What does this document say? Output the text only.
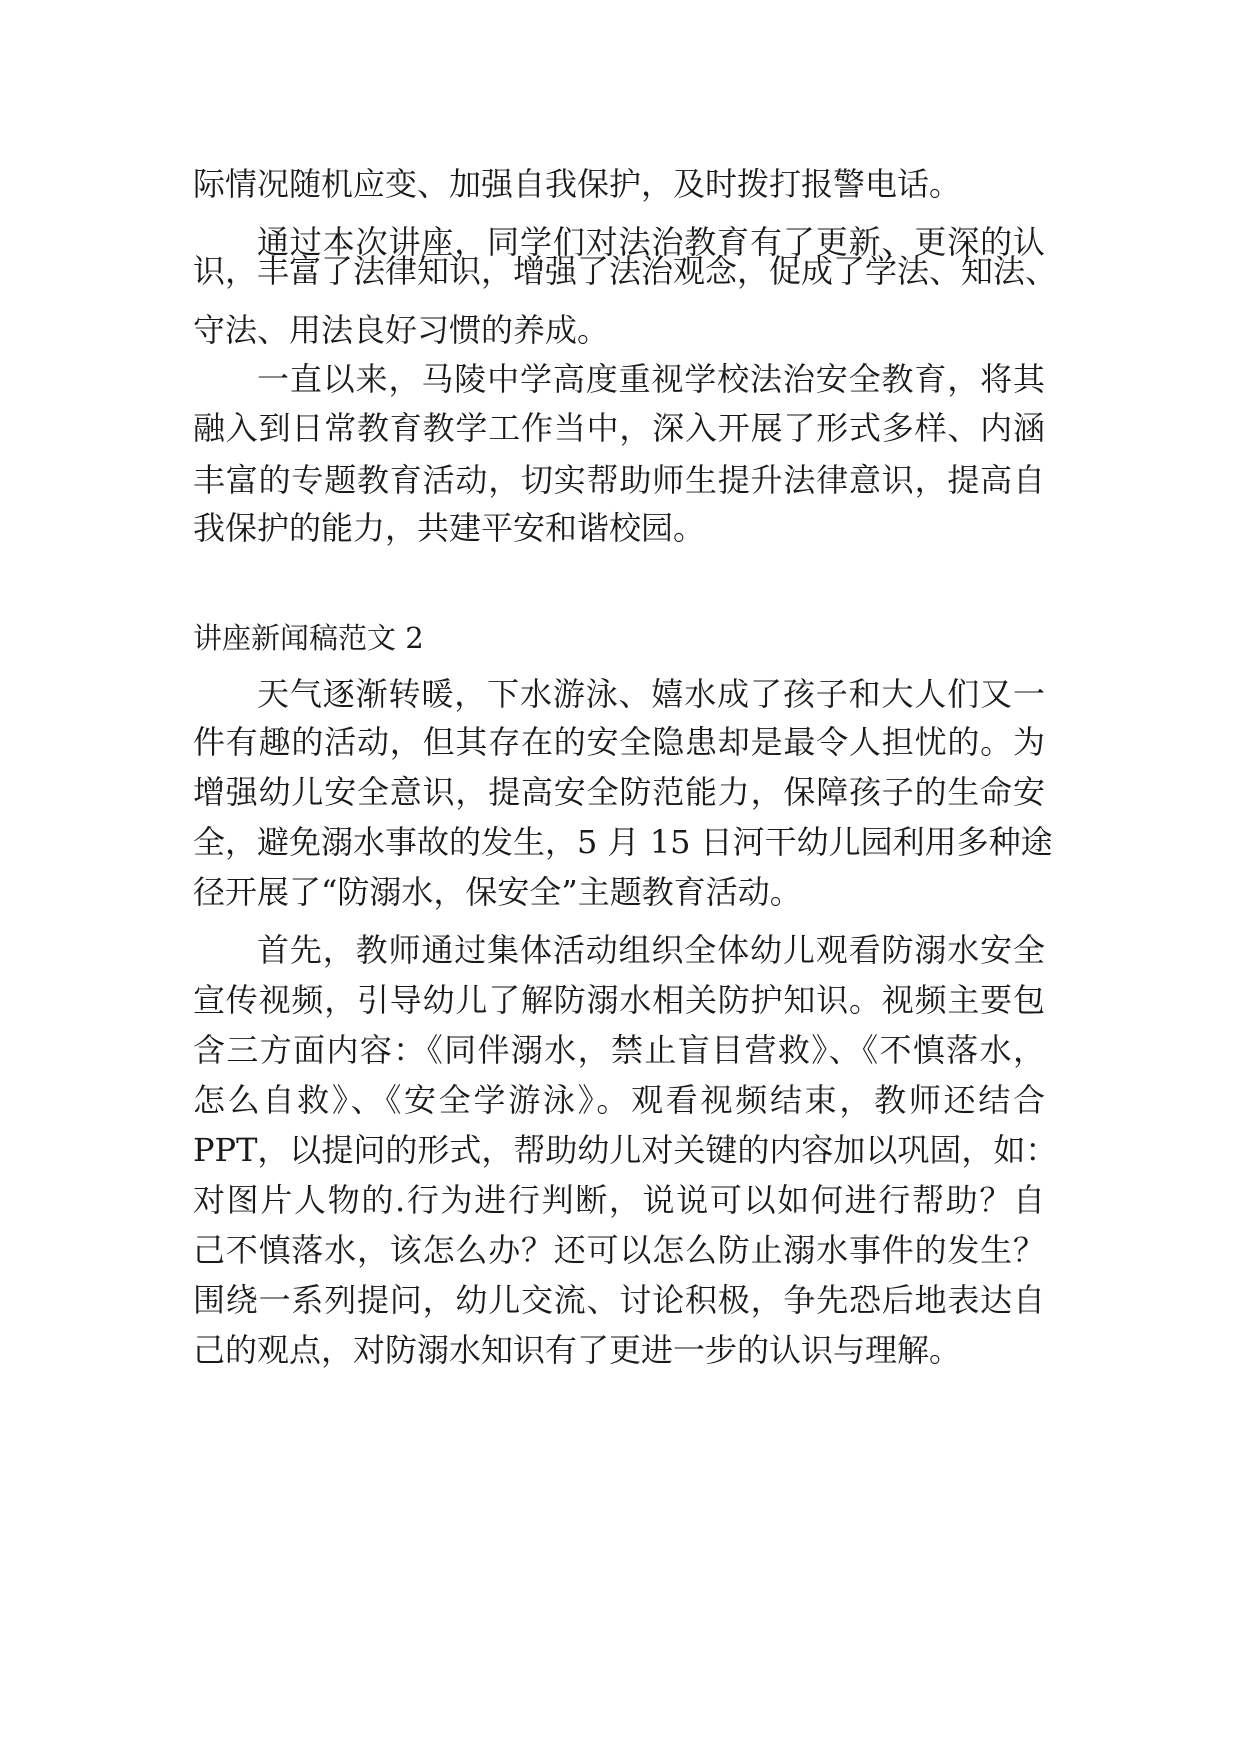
际情况随机应变、加强自我保护，及时拨打报警电话。
通过本次讲座，同学们对法治教育有了更新、更深的认
识，丰富了法律知识，增强了法治观念，促成了学法、知法、
守法、用法良好习惯的养成。
一直以来，马陵中学高度重视学校法治安全教育，将其
融入到日常教育教学工作当中，深入开展了形式多样、内涵
丰富的专题教育活动，切实帮助师生提升法律意识，提高自
我保护的能力，共建平安和谐校园。
讲座新闻稿范文 2
天气逐渐转暖，下水游泳、嬉水成了孩子和大人们又一
件有趣的活动，但其存在的安全隐患却是最令人担忧的。为
增强幼儿安全意识，提高安全防范能力，保障孩子的生命安
全，避免溺水事故的发生，5 月 15 日河干幼儿园利用多种途
径开展了“防溺水，保安全”主题教育活动。
首先，教师通过集体活动组织全体幼儿观看防溺水安全
宣传视频，引导幼儿了解防溺水相关防护知识。视频主要包
含三方面内容：《同伴溺水，禁止盲目营救》、《不慎落水，
怎么自救》、《安全学游泳》。观看视频结束，教师还结合
PPT，以提问的形式，帮助幼儿对关键的内容加以巩固，如：
对图片人物的.行为进行判断，说说可以如何进行帮助？自
己不慎落水，该怎么办？还可以怎么防止溺水事件的发生？
围绕一系列提问，幼儿交流、讨论积极，争先恐后地表达自
己的观点，对防溺水知识有了更进一步的认识与理解。
